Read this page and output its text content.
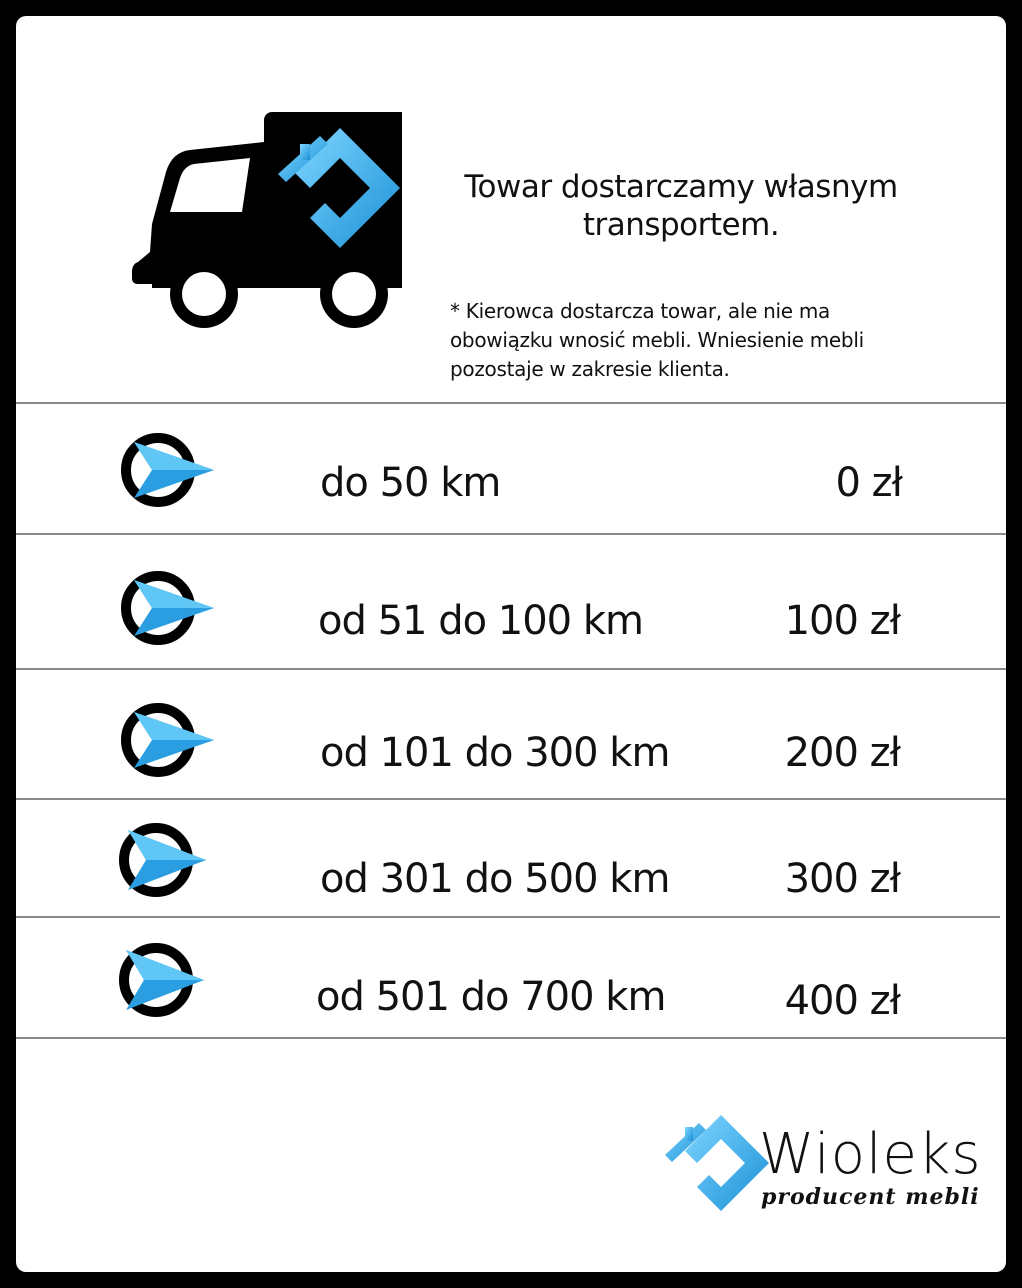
Towar dostarczamy własnym
transportem.
* Kierowca dostarcza towar, ale nie ma
obowiązku wnosić mebli. Wniesienie mebli
pozostaje w zakresie klienta.
do 50 km	0 zł
od 51 do 100 km	100 zł
od 101 do 300 km	200 zł
od 301 do 500 km	300 zł
od 501 do 700 km	400 zł
Wioleks
producent mebli
